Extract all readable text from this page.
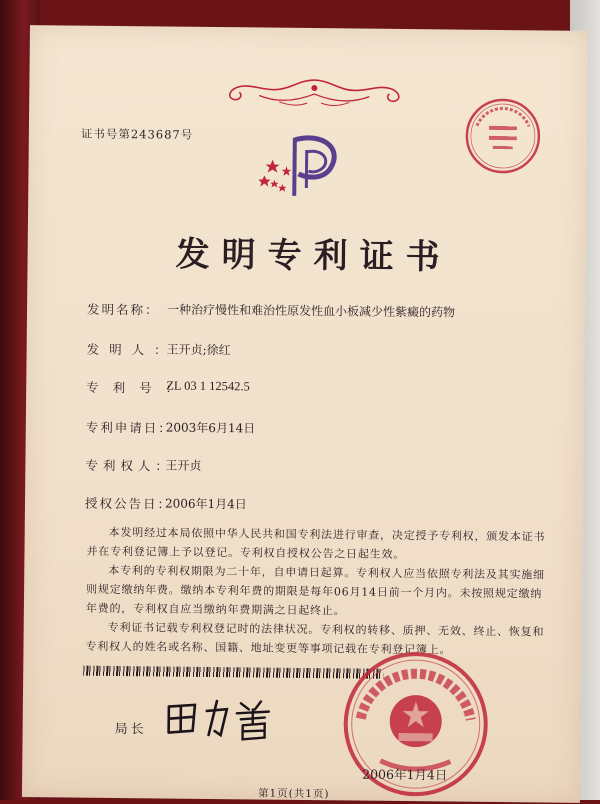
证书号第243687号
发明专利证书
发明名称： 一种治疗慢性和难治性原发性血小板减少性紫癜的药物
发明人：
王开贞;徐红
专利号：
ZL 03 1 12542.5
专利申请日：
2003年6月14日
专利权人：
王开贞
授权公告日：
2006年1月4日
本发明经过本局依照中华人民共和国专利法进行审查，决定授予专利权，颁发本证书
并在专利登记簿上予以登记。专利权自授权公告之日起生效。
本专利的专利权期限为二十年，自申请日起算。专利权人应当依照专利法及其实施细
则规定缴纳年费。缴纳本专利年费的期限是每年06月14日前一个月内。未按照规定缴纳
年费的，专利权自应当缴纳年费期满之日起终止。
专利证书记载专利权登记时的法律状况。专利权的转移、质押、无效、终止、恢复和
专利权人的姓名或名称、国籍、地址变更等事项记载在专利登记簿上。
局长
2006年1月4日
第1页(共1页)
